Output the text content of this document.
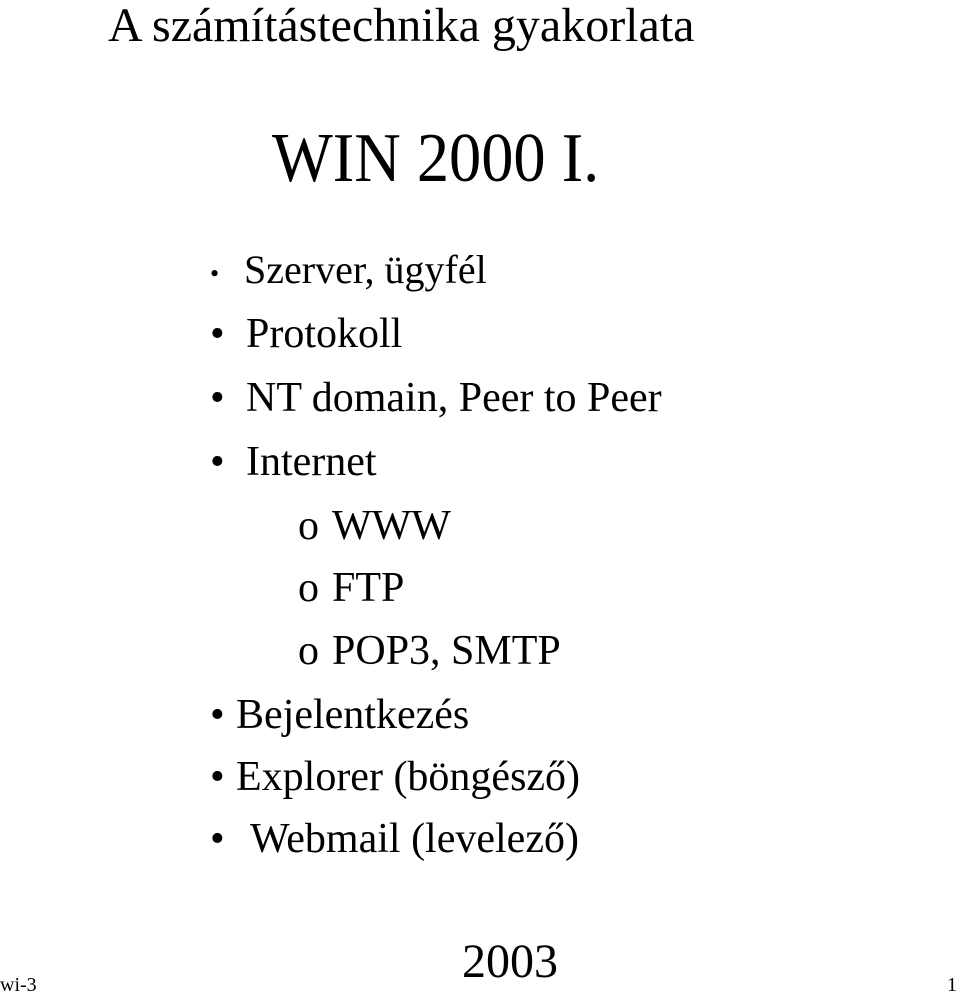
A számítástechnika gyakorlata
WIN 2000 I.
• Szerver, ügyfél
• Protokoll
• NT domain, Peer to Peer
• Internet
o WWW
o FTP
o POP3, SMTP
• Bejelentkezés
• Explorer (böngésző)
• Webmail (levelező)
wi-3	2003	1
